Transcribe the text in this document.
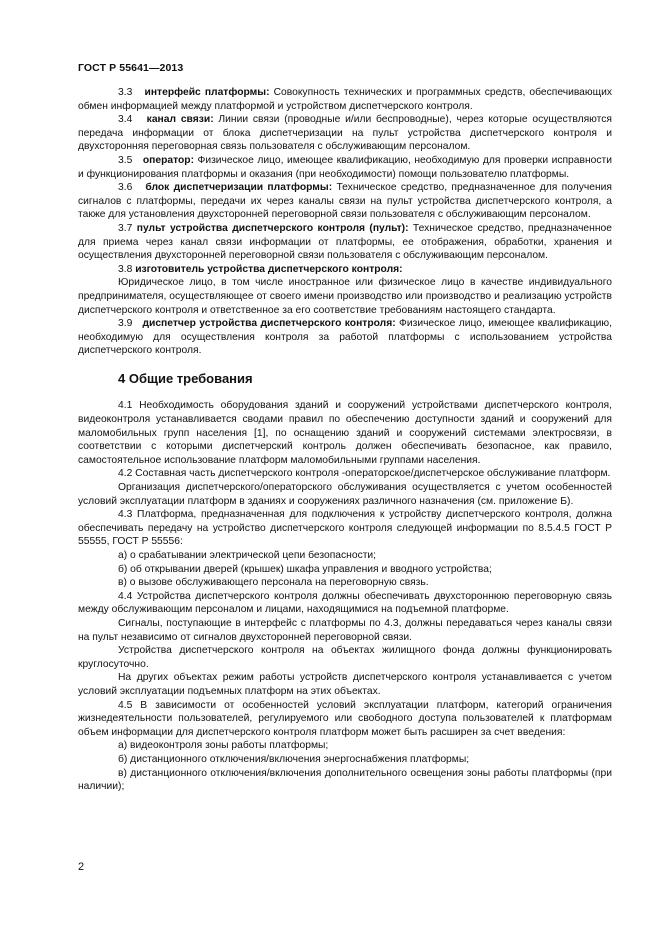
ГОСТ Р 55641—2013

3.3 интерфейс платформы: Совокупность технических и программных средств, обеспечивающих обмен информацией между платформой и устройством диспетчерского контроля.

3.4 канал связи: Линии связи (проводные и/или беспроводные), через которые осуществляются передача информации от блока диспетчеризации на пульт устройства диспетчерского контроля и двухсторонняя переговорная связь пользователя с обслуживающим персоналом.

3.5 оператор: Физическое лицо, имеющее квалификацию, необходимую для проверки исправности и функционирования платформы и оказания (при необходимости) помощи пользователю платформы.

3.6 блок диспетчеризации платформы: Техническое средство, предназначенное для получения сигналов с платформы, передачи их через каналы связи на пульт устройства диспетчерского контроля, а также для установления двухсторонней переговорной связи пользователя с обслуживающим персоналом.

3.7 пульт устройства диспетчерского контроля (пульт): Техническое средство, предназначенное для приема через канал связи информации от платформы, ее отображения, обработки, хранения и осуществления двухсторонней переговорной связи пользователя с обслуживающим персоналом.

3.8 изготовитель устройства диспетчерского контроля:

Юридическое лицо, в том числе иностранное или физическое лицо в качестве индивидуального предпринимателя, осуществляющее от своего имени производство или производство и реализацию устройств диспетчерского контроля и ответственное за его соответствие требованиям настоящего стандарта.

3.9 диспетчер устройства диспетчерского контроля: Физическое лицо, имеющее квалификацию, необходимую для осуществления контроля за работой платформы с использованием устройства диспетчерского контроля.

4 Общие требования

4.1 Необходимость оборудования зданий и сооружений устройствами диспетчерского контроля, видеоконтроля устанавливается сводами правил по обеспечению доступности зданий и сооружений для маломобильных групп населения [1], по оснащению зданий и сооружений системами электросвязи, в соответствии с которыми диспетчерский контроль должен обеспечивать безопасное, как правило, самостоятельное использование платформ маломобильными группами населения.

4.2 Составная часть диспетчерского контроля -операторское/диспетчерское обслуживание платформ.

Организация диспетчерского/операторского обслуживания осуществляется с учетом особенностей условий эксплуатации платформ в зданиях и сооружениях различного назначения (см. приложение Б).

4.3 Платформа, предназначенная для подключения к устройству диспетчерского контроля, должна обеспечивать передачу на устройство диспетчерского контроля следующей информации по 8.5.4.5 ГОСТ Р 55555, ГОСТ Р 55556:

а) о срабатывании электрической цепи безопасности;

б) об открывании дверей (крышек) шкафа управления и вводного устройства;

в) о вызове обслуживающего персонала на переговорную связь.

4.4 Устройства диспетчерского контроля должны обеспечивать двухстороннюю переговорную связь между обслуживающим персоналом и лицами, находящимися на подъемной платформе.

Сигналы, поступающие в интерфейс с платформы по 4.3, должны передаваться через каналы связи на пульт независимо от сигналов двухсторонней переговорной связи.

Устройства диспетчерского контроля на объектах жилищного фонда должны функционировать круглосуточно.

На других объектах режим работы устройств диспетчерского контроля устанавливается с учетом условий эксплуатации подъемных платформ на этих объектах.

4.5 В зависимости от особенностей условий эксплуатации платформ, категорий ограничения жизнедеятельности пользователей, регулируемого или свободного доступа пользователей к платформам объем информации для диспетчерского контроля платформ может быть расширен за счет введения:

а) видеоконтроля зоны работы платформы;

б) дистанционного отключения/включения энергоснабжения платформы;

в) дистанционного отключения/включения дополнительного освещения зоны работы платформы (при наличии);

2
